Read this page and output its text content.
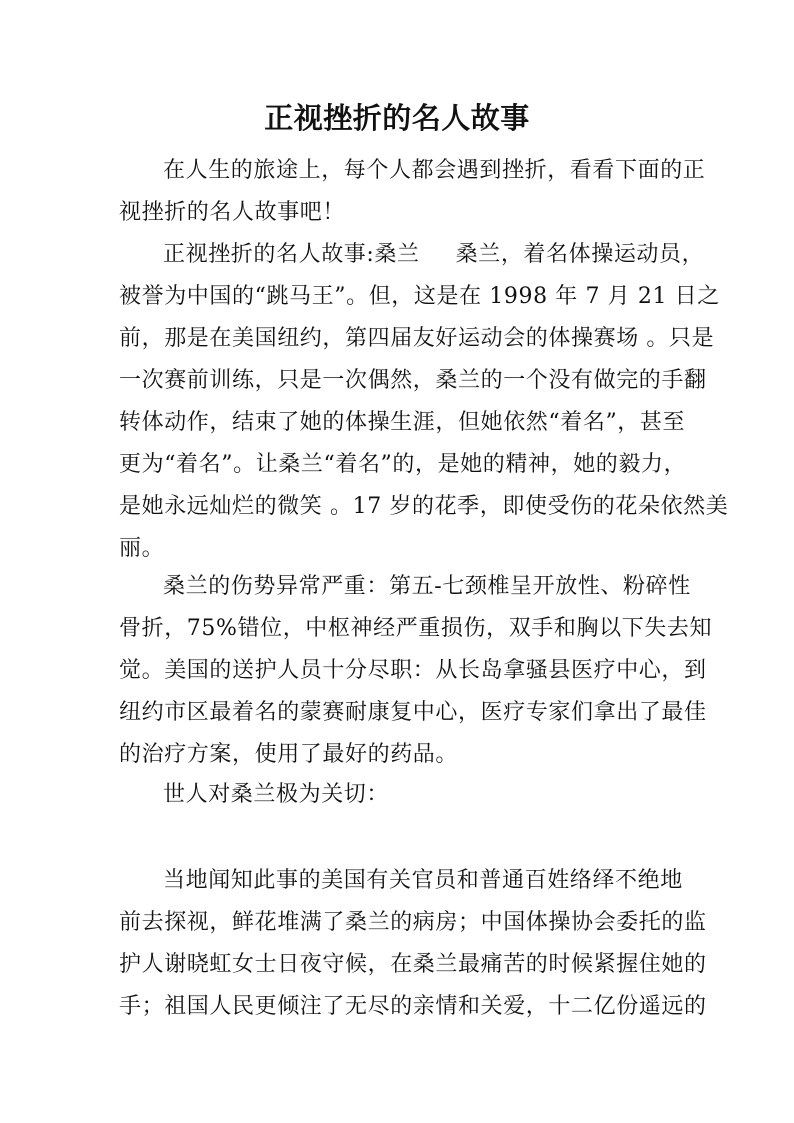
正视挫折的名人故事
在人生的旅途上，每个人都会遇到挫折，看看下面的正
视挫折的名人故事吧！
正视挫折的名人故事:桑兰 桑兰，着名体操运动员，
被誉为中国的“跳马王”。但，这是在 1998 年 7 月 21 日之
前，那是在美国纽约，第四届友好运动会的体操赛场 。只是
一次赛前训练，只是一次偶然，桑兰的一个没有做完的手翻
转体动作，结束了她的体操生涯，但她依然“着名”，甚至
更为“着名”。让桑兰“着名”的，是她的精神，她的毅力，
是她永远灿烂的微笑 。17 岁的花季，即使受伤的花朵依然美
丽。
桑兰的伤势异常严重：第五-七颈椎呈开放性、粉碎性
骨折，75%错位，中枢神经严重损伤，双手和胸以下失去知
觉。美国的送护人员十分尽职：从长岛拿骚县医疗中心，到
纽约市区最着名的蒙赛耐康复中心，医疗专家们拿出了最佳
的治疗方案，使用了最好的药品。
世人对桑兰极为关切：
当地闻知此事的美国有关官员和普通百姓络绎不绝地
前去探视，鲜花堆满了桑兰的病房；中国体操协会委托的监
护人谢晓虹女士日夜守候，在桑兰最痛苦的时候紧握住她的
手；祖国人民更倾注了无尽的亲情和关爱，十二亿份遥远的
